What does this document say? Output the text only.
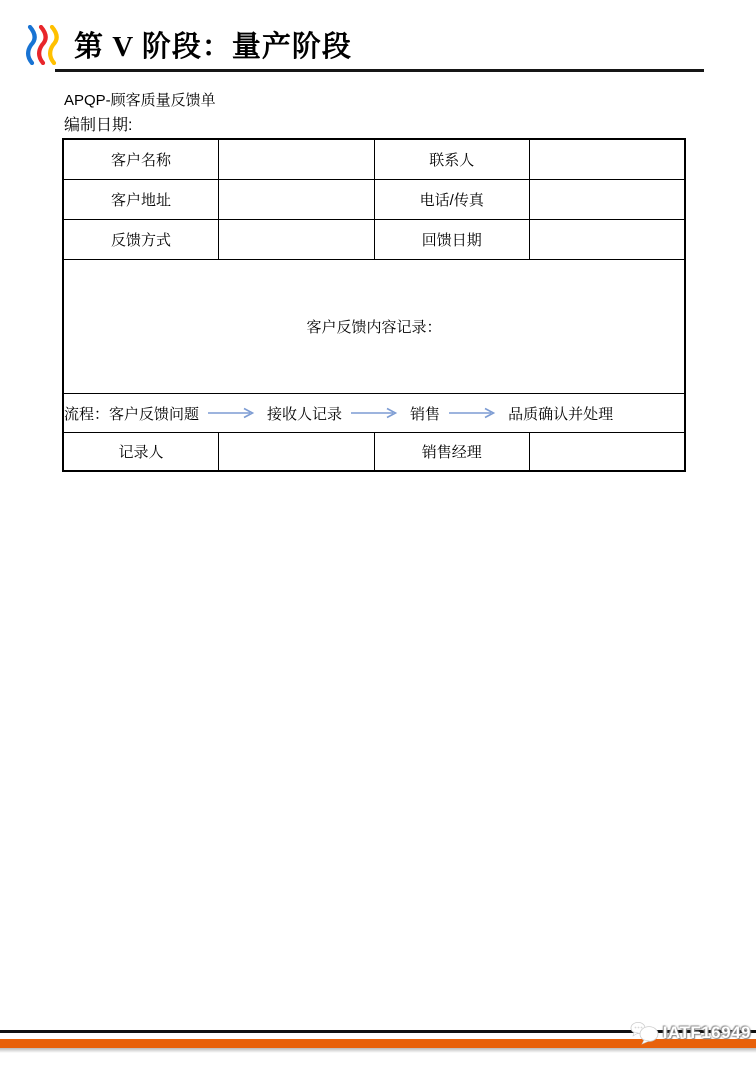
第 V 阶段：量产阶段
APQP-顾客质量反馈单
编制日期:
客户名称		联系人	
客户地址		电话/传真	
反馈方式		回馈日期	
客户反馈内容记录：			

流程： 客户反馈问题 接收人记录 销售 品质确认并处理			

记录人		销售经理	
IATF16949
